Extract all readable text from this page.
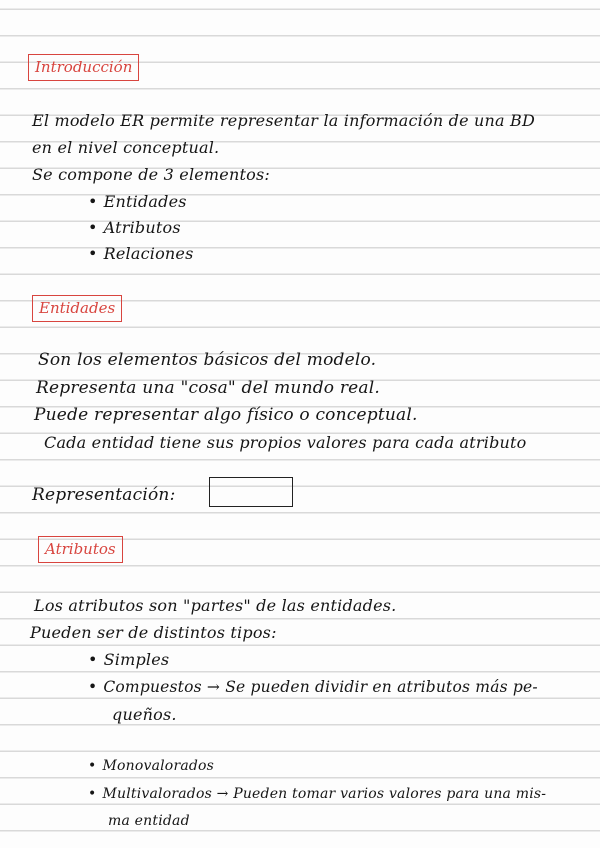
Introducción
El modelo ER permite representar la información de una BD
en el nivel conceptual.
Se compone de 3 elementos:
• Entidades
• Atributos
• Relaciones
Entidades
Son los elementos básicos del modelo.
Representa una "cosa" del mundo real.
Puede representar algo físico o conceptual.
Cada entidad tiene sus propios valores para cada atributo
Representación:
Atributos
Los atributos son "partes" de las entidades.
Pueden ser de distintos tipos:
• Simples
• Compuestos → Se pueden dividir en atributos más pe-
queños.
• Monovalorados
• Multivalorados → Pueden tomar varios valores para una mis-
ma entidad
